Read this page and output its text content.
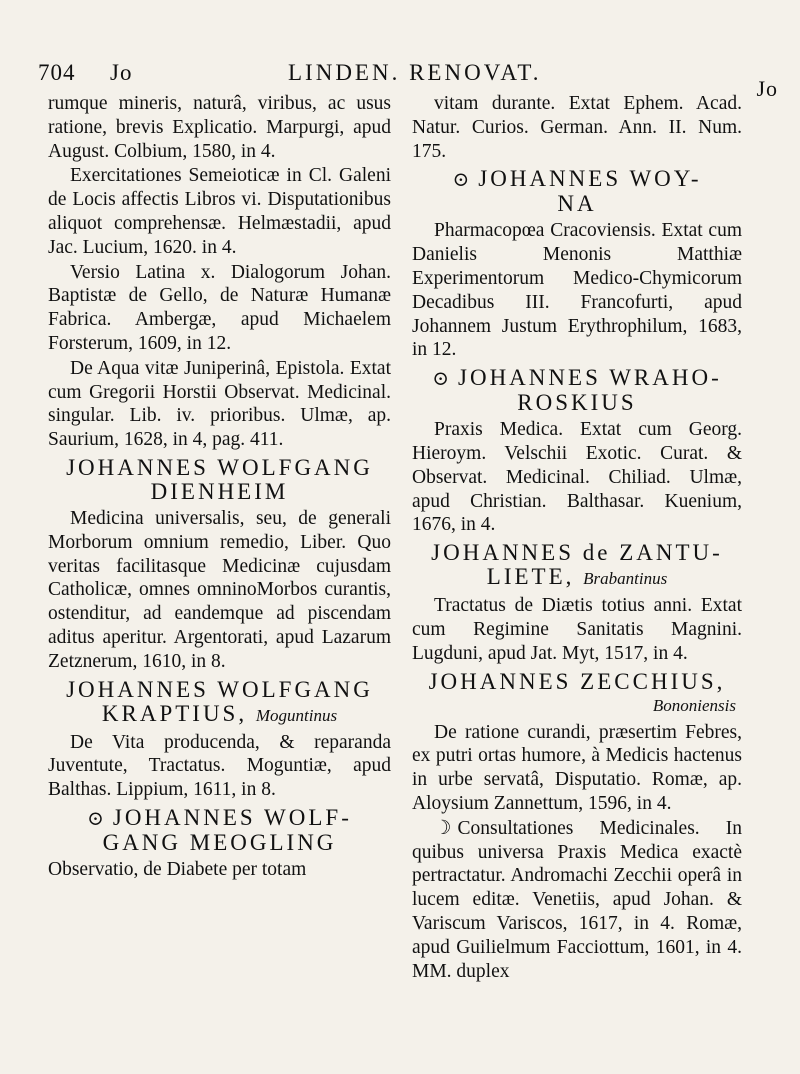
704 Jo	LINDEN. RENOVAT.
Jo

rumque mineris, naturâ, viribus, ac usus ratione, brevis Explicatio. Marpurgi, apud August. Colbium, 1580, in 4.

Exercitationes Semeioticæ in Cl. Galeni de Locis affectis Libros vi. Disputationibus aliquot comprehensæ. Helmæstadii, apud Jac. Lucium, 1620. in 4.

Versio Latina x. Dialogorum Johan. Baptistæ de Gello, de Naturæ Humanæ Fabrica. Ambergæ, apud Michaelem Forsterum, 1609, in 12.

De Aqua vitæ Juniperinâ, Epistola. Extat cum Gregorii Horstii Observat. Medicinal. singular. Lib. iv. prioribus. Ulmæ, ap. Saurium, 1628, in 4, pag. 411.

JOHANNES WOLFGANG
DIENHEIM

Medicina universalis, seu, de generali Morborum omnium remedio, Liber. Quo veritas facilitasque Medicinæ cujusdam Catholicæ, omnes omninoMorbos curantis, ostenditur, ad eandemque ad piscendam aditus aperitur. Argentorati, apud Lazarum Zetznerum, 1610, in 8.

JOHANNES WOLFGANG
KRAPTIUS, Moguntinus

De Vita producenda, & reparanda Juventute, Tractatus. Moguntiæ, apud Balthas. Lippium, 1611, in 8.

⊙ JOHANNES WOLF-
GANG MEOGLING

Observatio, de Diabete per totam

vitam durante. Extat Ephem. Acad. Natur. Curios. German. Ann. II. Num. 175.

⊙ JOHANNES WOY-
NA

Pharmacopœa Cracoviensis. Extat cum Danielis Menonis Matthiæ Experimentorum Medico-Chymicorum Decadibus III. Francofurti, apud Johannem Justum Erythrophilum, 1683, in 12.

⊙ JOHANNES WRAHO-
ROSKIUS

Praxis Medica. Extat cum Georg. Hieroym. Velschii Exotic. Curat. & Observat. Medicinal. Chiliad. Ulmæ, apud Christian. Balthasar. Kuenium, 1676, in 4.

JOHANNES de ZANTU-
LIETE, Brabantinus

Tractatus de Diætis totius anni. Extat cum Regimine Sanitatis Magnini. Lugduni, apud Jat. Myt, 1517, in 4.

JOHANNES ZECCHIUS,
Bononiensis

De ratione curandi, præsertim Febres, ex putri ortas humore, à Medicis hactenus in urbe servatâ, Disputatio. Romæ, ap. Aloysium Zannettum, 1596, in 4.

☽ Consultationes Medicinales. In quibus universa Praxis Medica exactè pertractatur. Andromachi Zecchii operâ in lucem editæ. Venetiis, apud Johan. & Variscum Variscos, 1617, in 4. Romæ, apud Guilielmum Facciottum, 1601, in 4. MM. duplex
